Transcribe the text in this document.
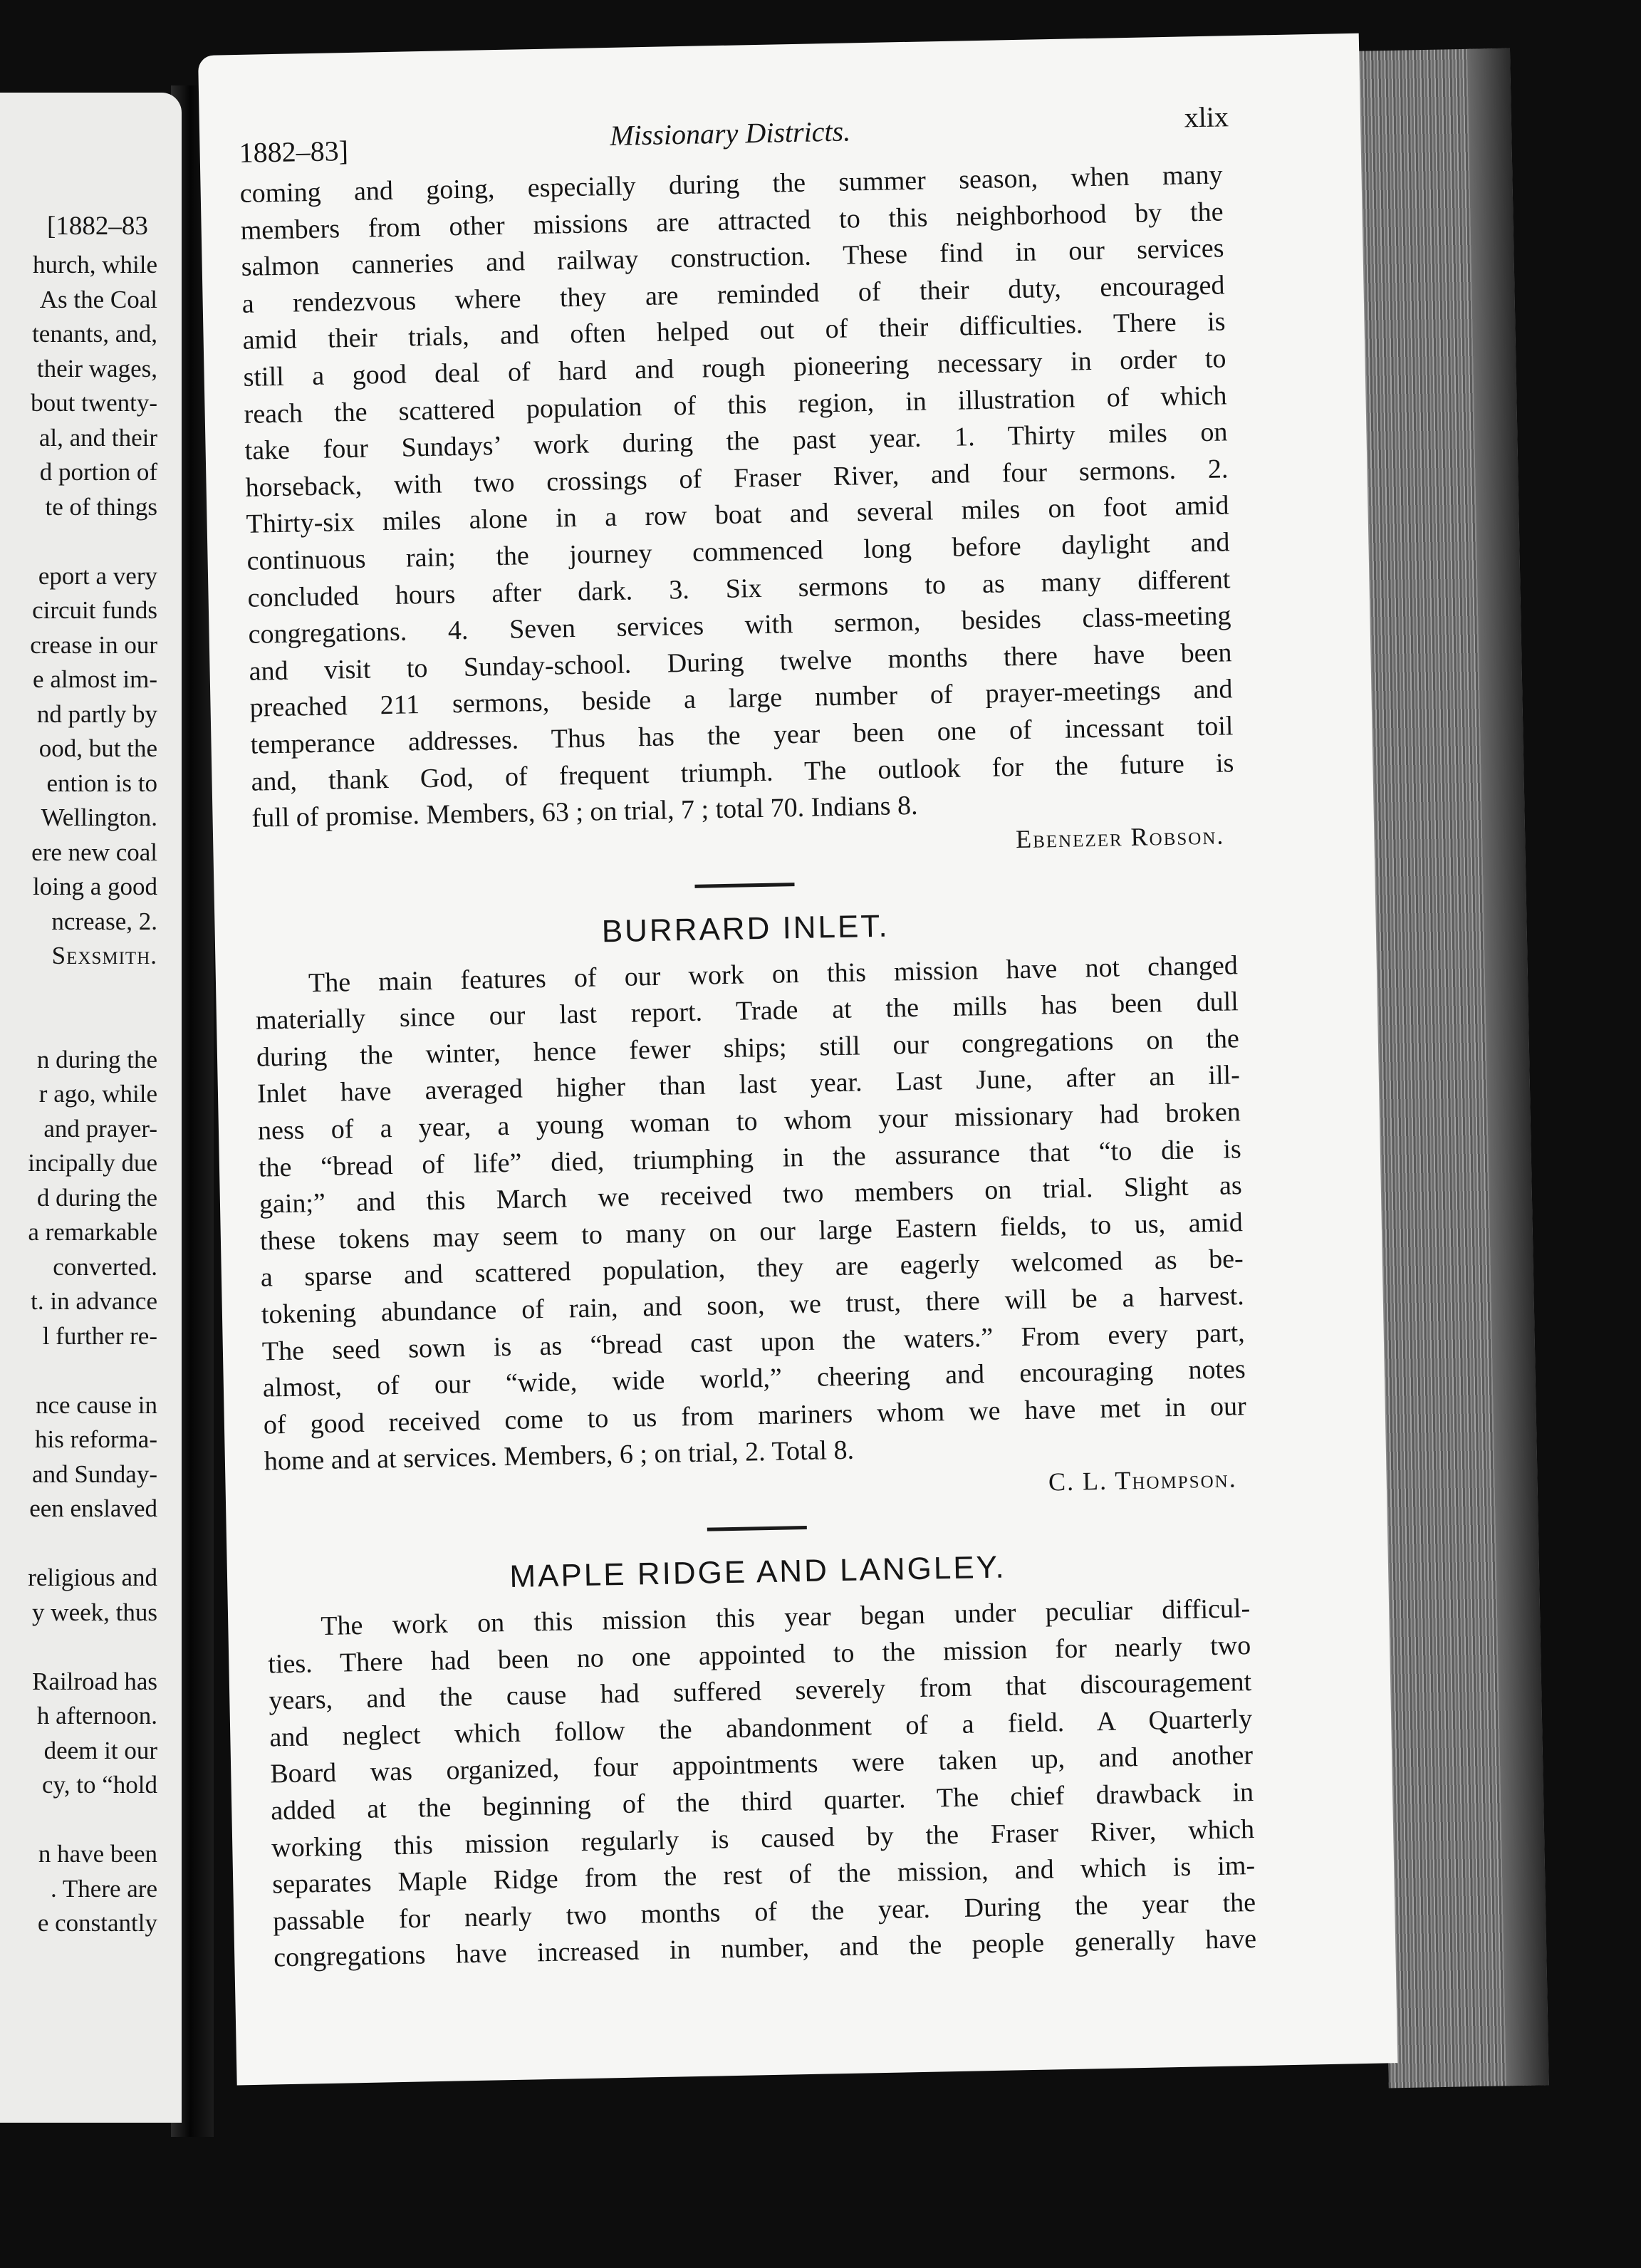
[1882–83
hurch, while
As the Coal
tenants, and,
their wages,
bout twenty-
al, and their
d portion of
te of things
eport a very
circuit funds
crease in our
e almost im-
nd partly by
ood, but the
ention is to
Wellington.
ere new coal
loing a good
ncrease, 2.
Sexsmith.
n during the
r ago, while
and prayer-
incipally due
d during the
a remarkable
converted.
t. in advance
l further re-
nce cause in
his reforma-
and Sunday-
een enslaved
religious and
y week, thus
Railroad has
h afternoon.
deem it our
cy, to “hold
n have been
. There are
e constantly
1882–83]
Missionary Districts.	xlix
coming and going, especially during the summer season, when many
members from other missions are attracted to this neighborhood by the
salmon canneries and railway construction. These find in our services
a rendezvous where they are reminded of their duty, encouraged
amid their trials, and often helped out of their difficulties. There is
still a good deal of hard and rough pioneering necessary in order to
reach the scattered population of this region, in illustration of which
take four Sundays’ work during the past year. 1. Thirty miles on
horseback, with two crossings of Fraser River, and four sermons. 2.
Thirty-six miles alone in a row boat and several miles on foot amid
continuous rain; the journey commenced long before daylight and
concluded hours after dark. 3. Six sermons to as many different
congregations. 4. Seven services with sermon, besides class-meeting
and visit to Sunday-school. During twelve months there have been
preached 211 sermons, beside a large number of prayer-meetings and
temperance addresses. Thus has the year been one of incessant toil
and, thank God, of frequent triumph. The outlook for the future is
full of promise. Members, 63 ; on trial, 7 ; total 70. Indians 8.
Ebenezer Robson.
BURRARD INLET.
The main features of our work on this mission have not changed
materially since our last report. Trade at the mills has been dull
during the winter, hence fewer ships; still our congregations on the
Inlet have averaged higher than last year. Last June, after an ill-
ness of a year, a young woman to whom your missionary had broken
the “bread of life” died, triumphing in the assurance that “to die is
gain;” and this March we received two members on trial. Slight as
these tokens may seem to many on our large Eastern fields, to us, amid
a sparse and scattered population, they are eagerly welcomed as be-
tokening abundance of rain, and soon, we trust, there will be a harvest.
The seed sown is as “bread cast upon the waters.” From every part,
almost, of our “wide, wide world,” cheering and encouraging notes
of good received come to us from mariners whom we have met in our
home and at services. Members, 6 ; on trial, 2. Total 8.
C. L. Thompson.
MAPLE RIDGE AND LANGLEY.
The work on this mission this year began under peculiar difficul-
ties. There had been no one appointed to the mission for nearly two
years, and the cause had suffered severely from that discouragement
and neglect which follow the abandonment of a field. A Quarterly
Board was organized, four appointments were taken up, and another
added at the beginning of the third quarter. The chief drawback in
working this mission regularly is caused by the Fraser River, which
separates Maple Ridge from the rest of the mission, and which is im-
passable for nearly two months of the year. During the year the
congregations have increased in number, and the people generally have
